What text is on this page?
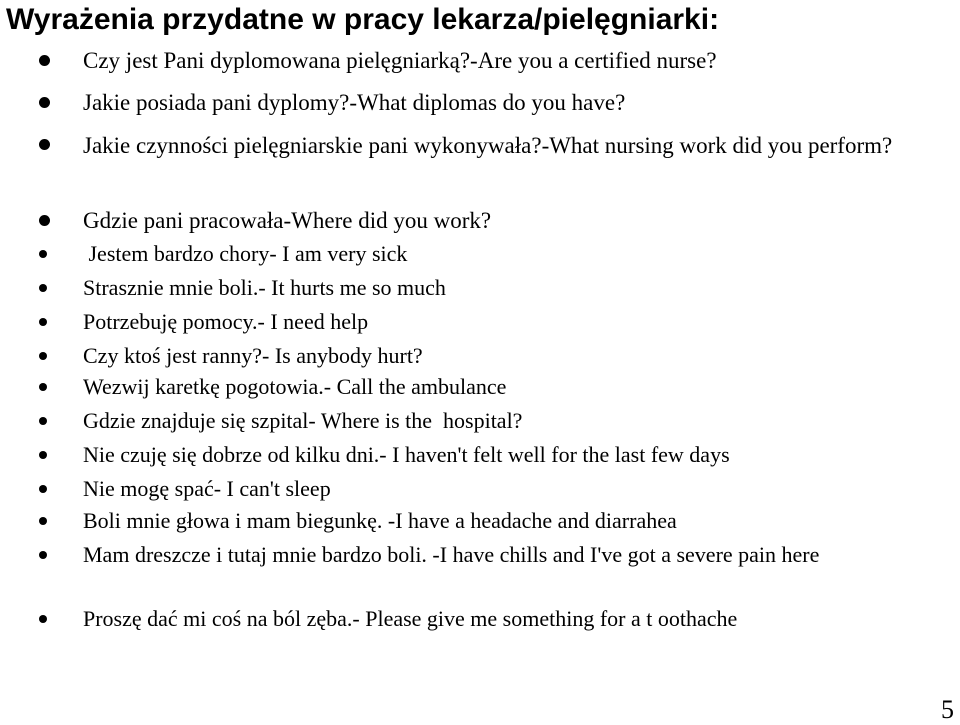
Wyrażenia przydatne w pracy lekarza/pielęgniarki:
Czy jest Pani dyplomowana pielęgniarką?-Are you a certified nurse?
Jakie posiada pani dyplomy?-What diplomas do you have?
Jakie czynności pielęgniarskie pani wykonywała?-What nursing work did you perform?
Gdzie pani pracowała-Where did you work?
Jestem bardzo chory- I am very sick
Strasznie mnie boli.- It hurts me so much
Potrzebuję pomocy.- I need help
Czy ktoś jest ranny?- Is anybody hurt?
Wezwij karetkę pogotowia.- Call the ambulance
Gdzie znajduje się szpital- Where is the  hospital?
Nie czuję się dobrze od kilku dni.- I haven't felt well for the last few days
Nie mogę spać- I can't sleep
Boli mnie głowa i mam biegunkę. -I have a headache and diarrahea
Mam dreszcze i tutaj mnie bardzo boli. -I have chills and I've got a severe pain here
Proszę dać mi coś na ból zęba.- Please give me something for a t oothache
5
